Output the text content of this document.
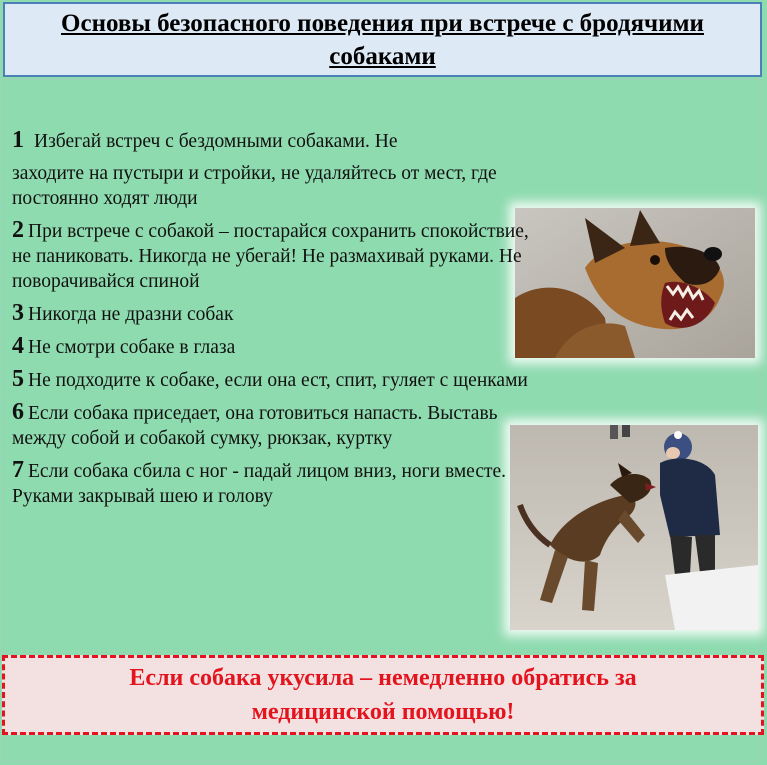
Основы безопасного поведения при встрече с бродячими собаками
1 Избегай встреч с бездомными собаками. Не
заходите на пустыри и стройки, не удаляйтесь от мест, где постоянно ходят люди
2 При встрече с собакой – постарайся сохранить спокойствие, не паниковать. Никогда не убегай! Не размахивай руками. Не поворачивайся спиной
3 Никогда не дразни собак
4 Не смотри собаке в глаза
5 Не подходите к собаке, если она ест, спит, гуляет с щенками
6 Если собака приседает, она готовиться напасть. Выставь между собой и собакой сумку, рюкзак, куртку
7 Если собака сбила с ног - падай лицом вниз, ноги вместе. Руками закрывай шею и голову
Если собака укусила – немедленно обратись за медицинской помощью!
